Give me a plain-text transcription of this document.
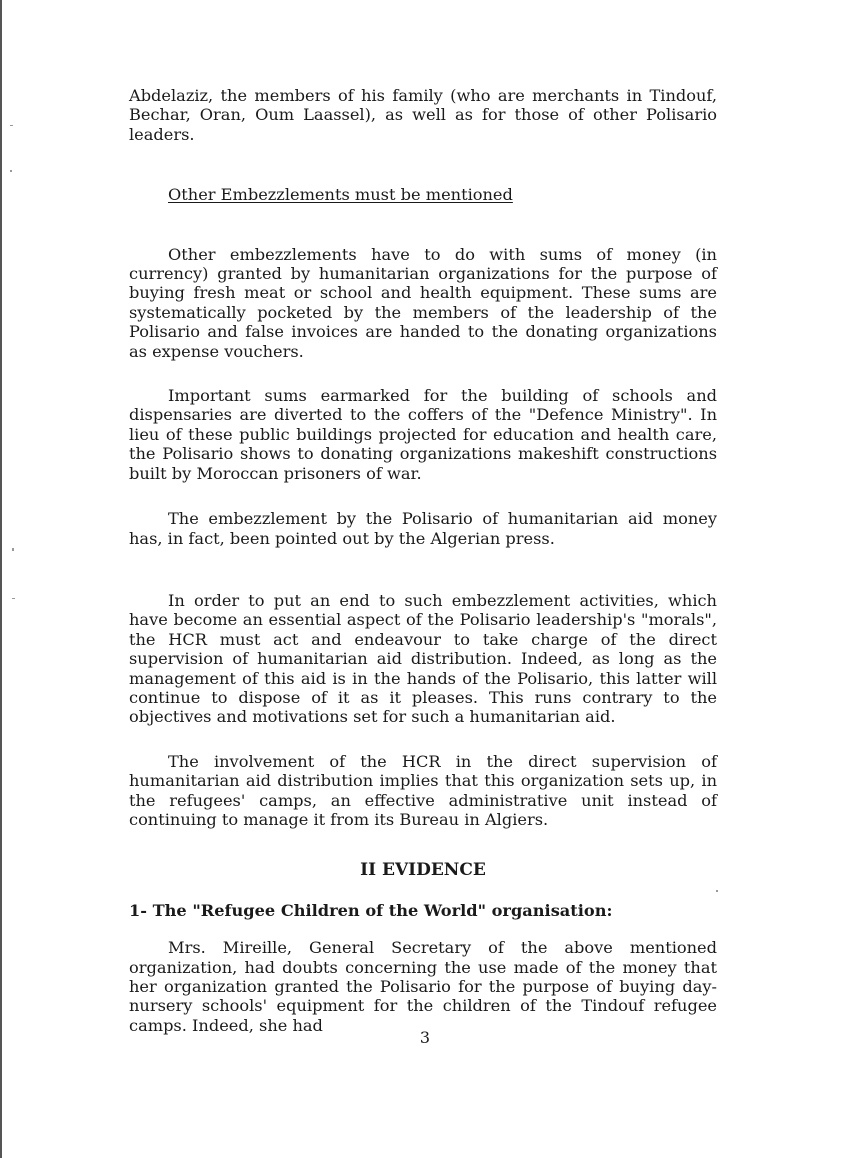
Abdelaziz, the members of his family (who are merchants in Tindouf, Bechar, Oran, Oum Laassel), as well as for those of other Polisario leaders.

Other Embezzlements must be mentioned

Other embezzlements have to do with sums of money (in currency) granted by humanitarian organizations for the purpose of buying fresh meat or school and health equipment. These sums are systematically pocketed by the members of the leadership of the Polisario and false invoices are handed to the donating organizations as expense vouchers.

Important sums earmarked for the building of schools and dispensaries are diverted to the coffers of the "Defence Ministry". In lieu of these public buildings projected for education and health care, the Polisario shows to donating organizations makeshift constructions built by Moroccan prisoners of war.

The embezzlement by the Polisario of humanitarian aid money has, in fact, been pointed out by the Algerian press.

In order to put an end to such embezzlement activities, which have become an essential aspect of the Polisario leadership's "morals", the HCR must act and endeavour to take charge of the direct supervision of humanitarian aid distribution. Indeed, as long as the management of this aid is in the hands of the Polisario, this latter will continue to dispose of it as it pleases. This runs contrary to the objectives and motivations set for such a humanitarian aid.

The involvement of the HCR in the direct supervision of humanitarian aid distribution implies that this organization sets up, in the refugees' camps, an effective administrative unit instead of continuing to manage it from its Bureau in Algiers.

II EVIDENCE

1- The "Refugee Children of the World" organisation:

Mrs. Mireille, General Secretary of the above mentioned organization, had doubts concerning the use made of the money that her organization granted the Polisario for the purpose of buying day-nursery schools' equipment for the children of the Tindouf refugee camps. Indeed, she had

3
